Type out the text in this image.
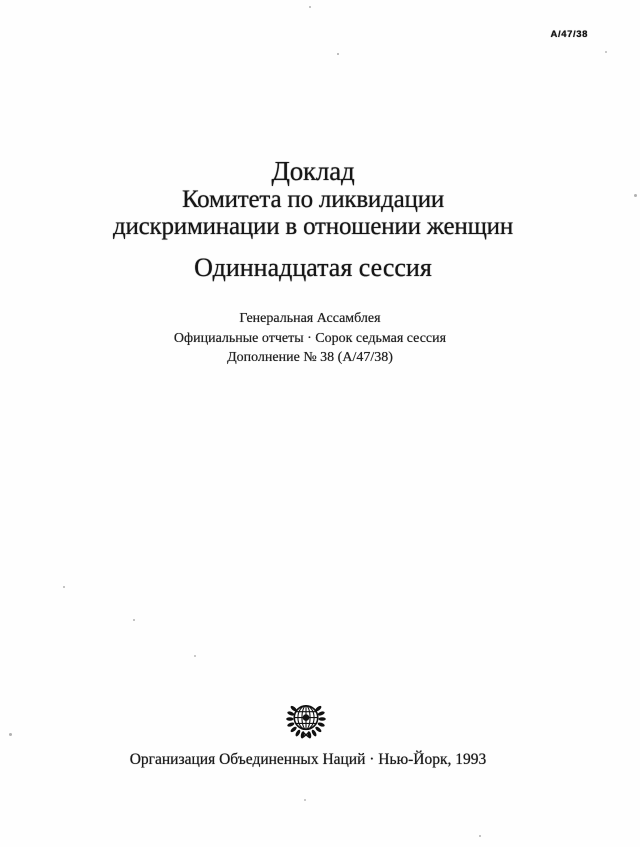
A/47/38
Доклад
Комитета по ликвидации
дискриминации в отношении женщин
Одиннадцатая сессия
Генеральная Ассамблея
Официальные отчеты · Сорок седьмая сессия
Дополнение № 38 (А/47/38)
Организация Объединенных Наций · Нью-Йорк, 1993
